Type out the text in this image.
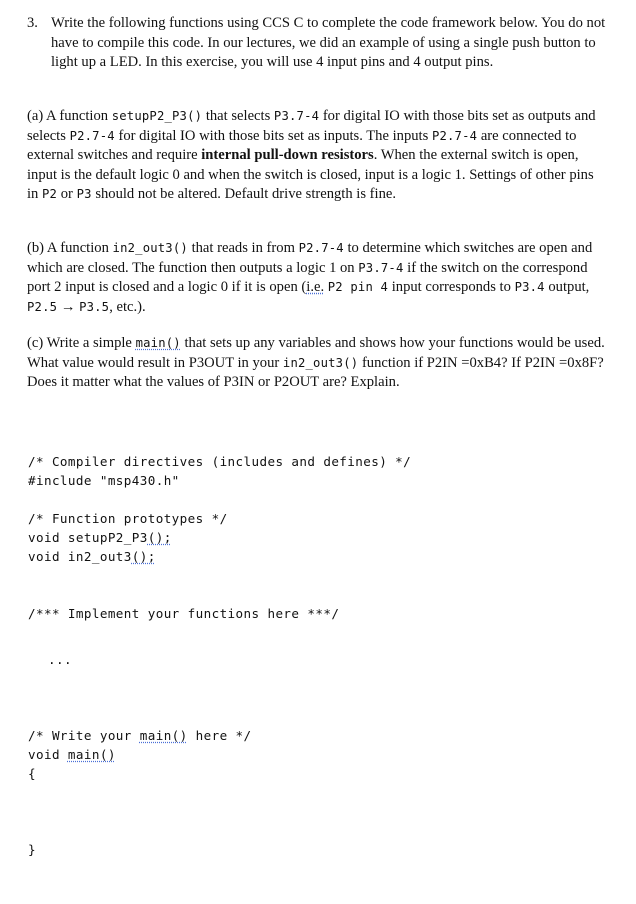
3. Write the following functions using CCS C to complete the code framework below. You do not have to compile this code. In our lectures, we did an example of using a single push button to light up a LED. In this exercise, you will use 4 input pins and 4 output pins.
(a) A function setupP2_P3() that selects P3.7-4 for digital IO with those bits set as outputs and selects P2.7-4 for digital IO with those bits set as inputs. The inputs P2.7-4 are connected to external switches and require internal pull-down resistors. When the external switch is open, input is the default logic 0 and when the switch is closed, input is a logic 1. Settings of other pins in P2 or P3 should not be altered. Default drive strength is fine.
(b) A function in2_out3() that reads in from P2.7-4 to determine which switches are open and which are closed. The function then outputs a logic 1 on P3.7-4 if the switch on the correspond port 2 input is closed and a logic 0 if it is open (i.e. P2 pin 4 input corresponds to P3.4 output, P2.5 → P3.5, etc.).
(c) Write a simple main() that sets up any variables and shows how your functions would be used. What value would result in P3OUT in your in2_out3() function if P2IN =0xB4? If P2IN =0x8F? Does it matter what the values of P3IN or P2OUT are? Explain.
/* Compiler directives (includes and defines) */
#include "msp430.h"
/* Function prototypes */
void setupP2_P3();
void in2_out3();
/*** Implement your functions here ***/
...
/* Write your main() here */
void main()
{
}
